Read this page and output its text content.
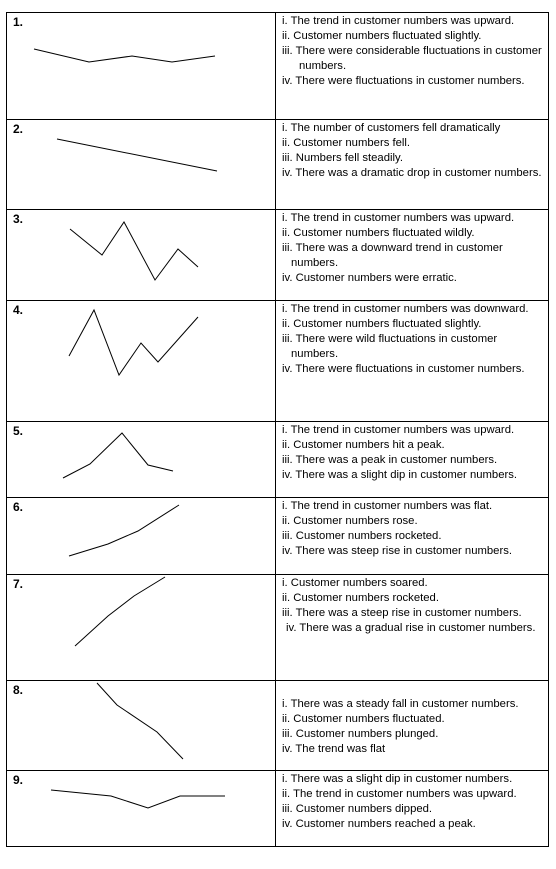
1.	i. The trend in customer numbers was upward.
ii. Customer numbers fluctuated slightly.
iii. There were considerable fluctuations in customer numbers.
iv. There were fluctuations in customer numbers.

2.	i. The number of customers fell dramatically
ii. Customer numbers fell.
iii. Numbers fell steadily.
iv. There was a dramatic drop in customer numbers.

3.	i. The trend in customer numbers was upward.
ii. Customer numbers fluctuated wildly.
iii. There was a downward trend in customer numbers.
iv. Customer numbers were erratic.

4.	i. The trend in customer numbers was downward.
ii. Customer numbers fluctuated slightly.
iii. There were wild fluctuations in customer numbers.
iv. There were fluctuations in customer numbers.

5.	i. The trend in customer numbers was upward.
ii. Customer numbers hit a peak.
iii. There was a peak in customer numbers.
iv. There was a slight dip in customer numbers.

6.	i. The trend in customer numbers was flat.
ii. Customer numbers rose.
iii. Customer numbers rocketed.
iv. There was steep rise in customer numbers.

7.	i. Customer numbers soared.
ii. Customer numbers rocketed.
iii. There was a steep rise in customer numbers.
iv. There was a gradual rise in customer numbers.

8.	i. There was a steady fall in customer numbers.
ii. Customer numbers fluctuated.
iii. Customer numbers plunged.
iv. The trend was flat

9.	i. There was a slight dip in customer numbers.
ii. The trend in customer numbers was upward.
iii. Customer numbers dipped.
iv. Customer numbers reached a peak.
